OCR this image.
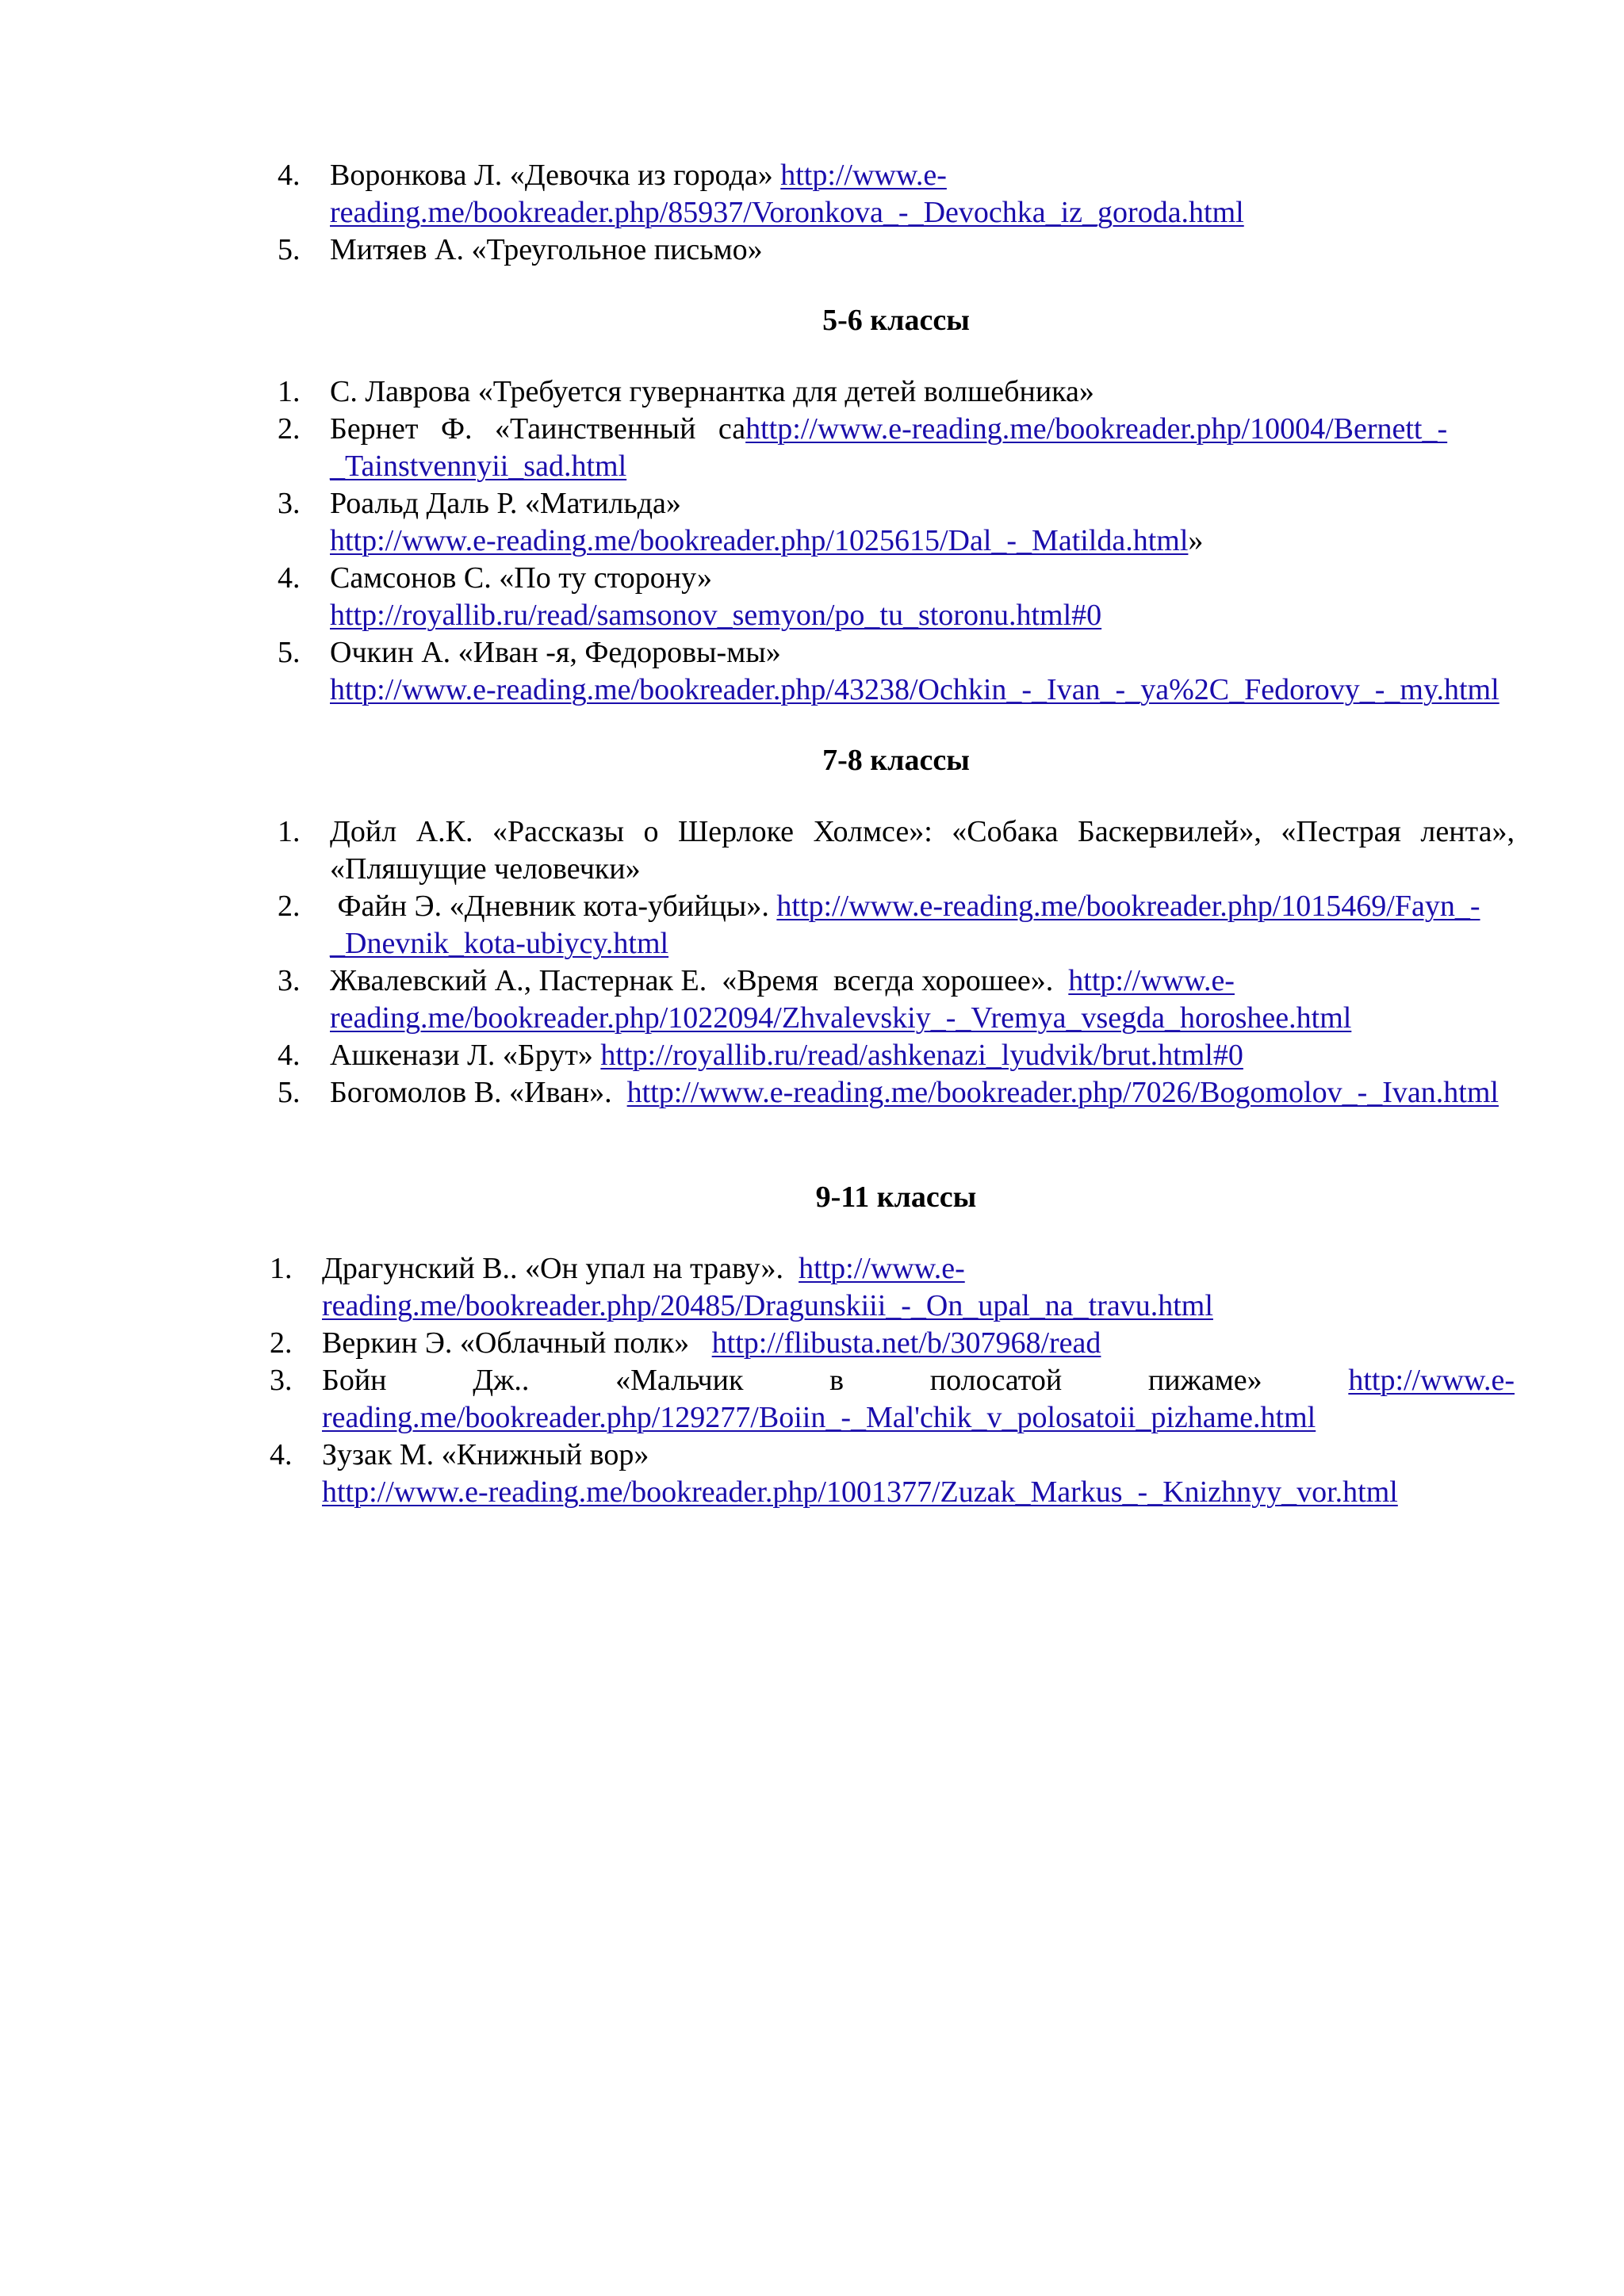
4. Воронкова Л. «Девочка из города» http://www.e-reading.me/bookreader.php/85937/Voronkova_-_Devochka_iz_goroda.html
5. Митяев А. «Треугольное письмо»
5-6 классы
1. С. Лаврова «Требуется гувернантка для детей волшебника»
2. Бернет   Ф.   «Таинственный   саhttp://www.e-reading.me/bookreader.php/10004/Bernett_-_Tainstvennyii_sad.html
3. Роальд Даль Р. «Матильда»
http://www.e-reading.me/bookreader.php/1025615/Dal_-_Matilda.html»
4. Самсонов С. «По ту сторону»
http://royallib.ru/read/samsonov_semyon/po_tu_storonu.html#0
5. Очкин А. «Иван -я, Федоровы-мы»
http://www.e-reading.me/bookreader.php/43238/Ochkin_-_Ivan_-_ya%2C_Fedorovy_-_my.html
7-8 классы
1. Дойл А.К. «Рассказы о Шерлоке Холмсе»: «Собака Баскервилей», «Пестрая лента», «Пляшущие человечки»
2. Файн Э. «Дневник кота-убийцы». http://www.e-reading.me/bookreader.php/1015469/Fayn_-_Dnevnik_kota-ubiycy.html
3. Жвалевский А., Пастернак Е.  «Время  всегда хорошее».  http://www.e-reading.me/bookreader.php/1022094/Zhvalevskiy_-_Vremya_vsegda_horoshee.html
4. Ашкенази Л. «Брут» http://royallib.ru/read/ashkenazi_lyudvik/brut.html#0
5. Богомолов В. «Иван».  http://www.e-reading.me/bookreader.php/7026/Bogomolov_-_Ivan.html
9-11 классы
1. Драгунский В.. «Он упал на траву».  http://www.e-reading.me/bookreader.php/20485/Dragunskiii_-_On_upal_na_travu.html
2. Веркин Э. «Облачный полк»   http://flibusta.net/b/307968/read
3. Бойн Дж.. «Мальчик в полосатой пижаме» http://www.e-reading.me/bookreader.php/129277/Boiin_-_Mal'chik_v_polosatoii_pizhame.html
4. Зузак М. «Книжный вор»
http://www.e-reading.me/bookreader.php/1001377/Zuzak_Markus_-_Knizhnyy_vor.html
